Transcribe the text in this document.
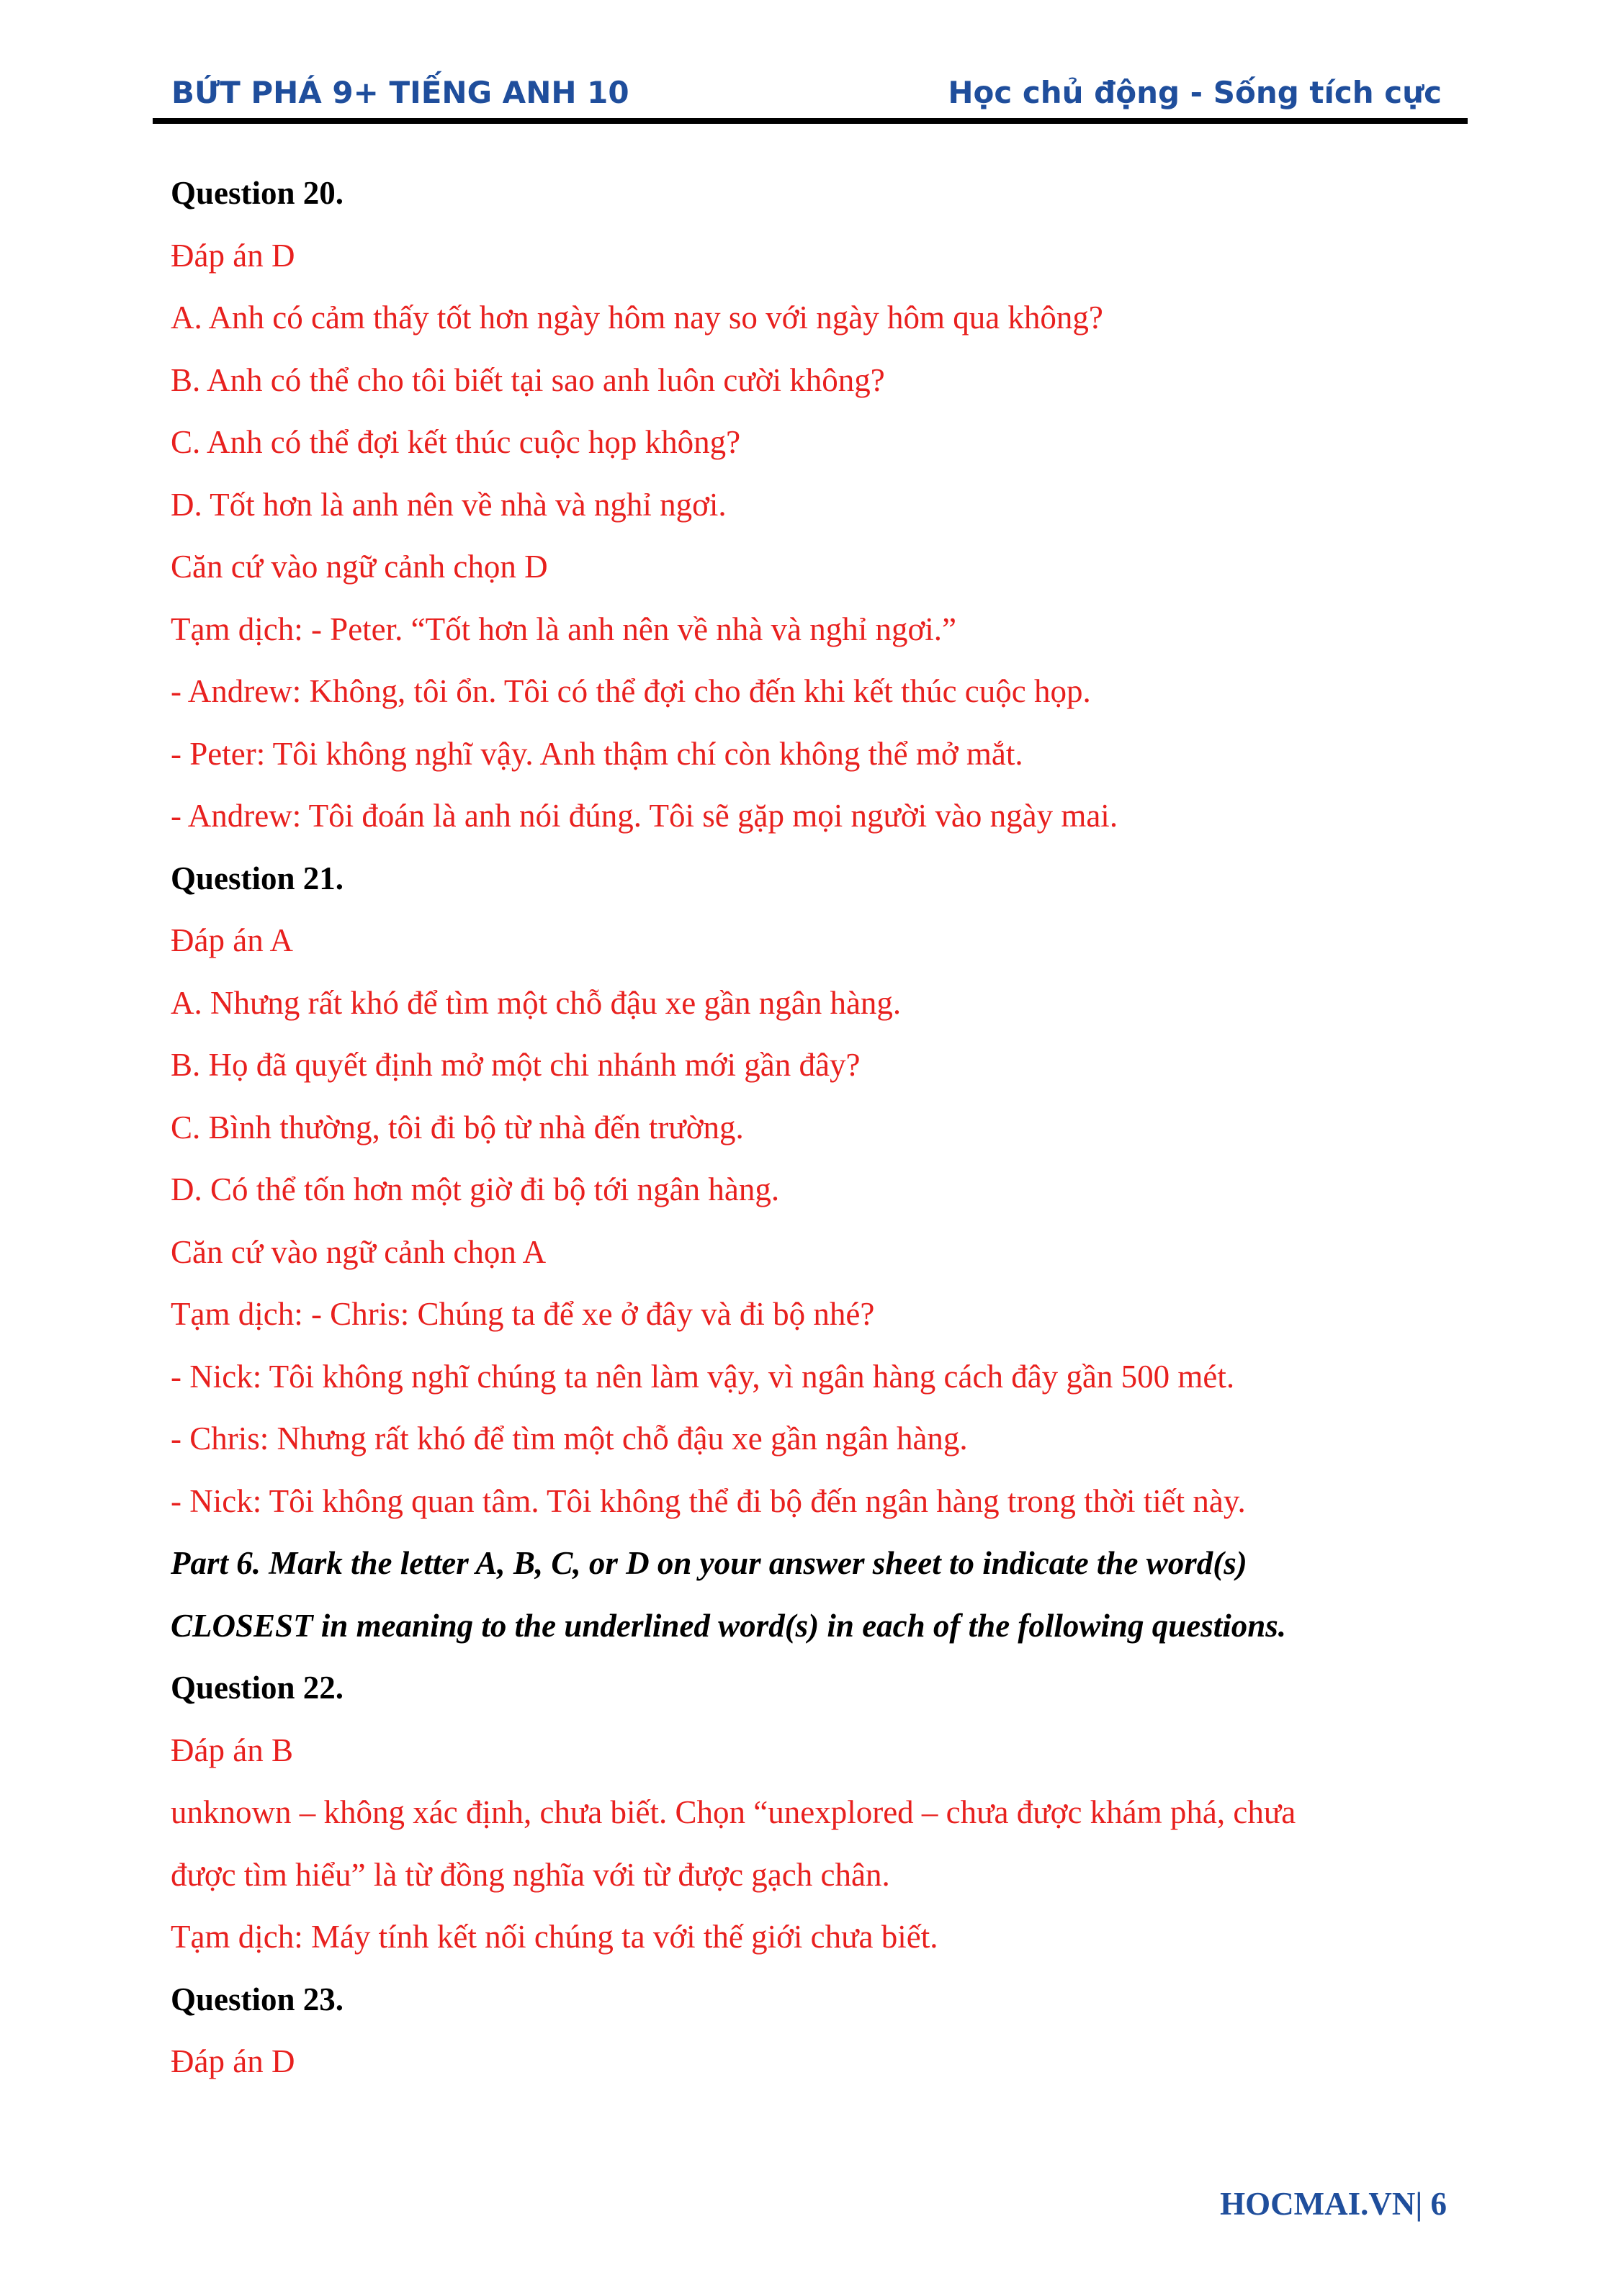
BỨT PHÁ 9+ TIẾNG ANH 10	Học chủ động - Sống tích cực
Question 20.
Đáp án D
A. Anh có cảm thấy tốt hơn ngày hôm nay so với ngày hôm qua không?
B. Anh có thể cho tôi biết tại sao anh luôn cười không?
C. Anh có thể đợi kết thúc cuộc họp không?
D. Tốt hơn là anh nên về nhà và nghỉ ngơi.
Căn cứ vào ngữ cảnh chọn D
Tạm dịch: - Peter. “Tốt hơn là anh nên về nhà và nghỉ ngơi.”
- Andrew: Không, tôi ổn. Tôi có thể đợi cho đến khi kết thúc cuộc họp.
- Peter: Tôi không nghĩ vậy. Anh thậm chí còn không thể mở mắt.
- Andrew: Tôi đoán là anh nói đúng. Tôi sẽ gặp mọi người vào ngày mai.
Question 21.
Đáp án A
A. Nhưng rất khó để tìm một chỗ đậu xe gần ngân hàng.
B. Họ đã quyết định mở một chi nhánh mới gần đây?
C. Bình thường, tôi đi bộ từ nhà đến trường.
D. Có thể tốn hơn một giờ đi bộ tới ngân hàng.
Căn cứ vào ngữ cảnh chọn A
Tạm dịch: - Chris: Chúng ta để xe ở đây và đi bộ nhé?
- Nick: Tôi không nghĩ chúng ta nên làm vậy, vì ngân hàng cách đây gần 500 mét.
- Chris: Nhưng rất khó để tìm một chỗ đậu xe gần ngân hàng.
- Nick: Tôi không quan tâm. Tôi không thể đi bộ đến ngân hàng trong thời tiết này.
Part 6. Mark the letter A, B, C, or D on your answer sheet to indicate the word(s)
CLOSEST in meaning to the underlined word(s) in each of the following questions.
Question 22.
Đáp án B
unknown – không xác định, chưa biết. Chọn “unexplored – chưa được khám phá, chưa
được tìm hiểu” là từ đồng nghĩa với từ được gạch chân.
Tạm dịch: Máy tính kết nối chúng ta với thế giới chưa biết.
Question 23.
Đáp án D
HOCMAI.VN| 6
